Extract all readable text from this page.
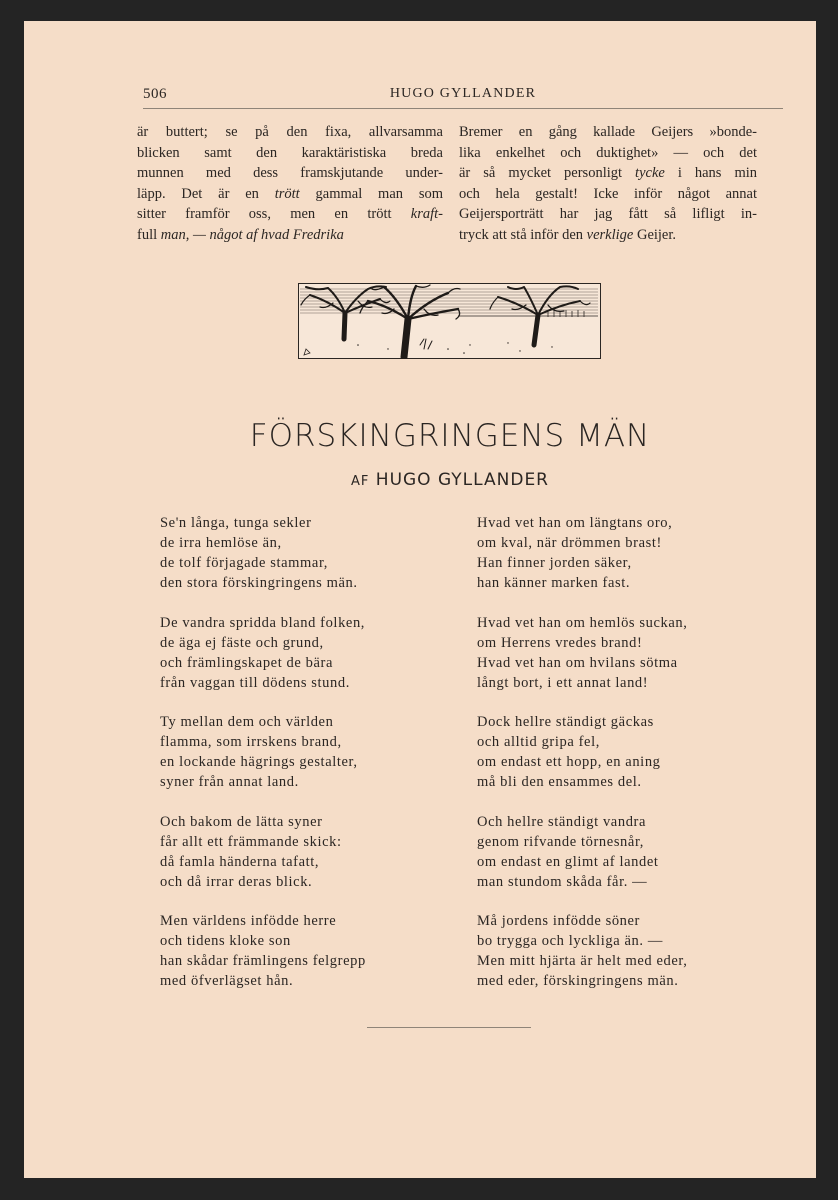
506	HUGO GYLLANDER
är buttert; se på den fixa, allvarsamma
blicken samt den karaktäristiska breda
munnen med dess framskjutande under-
läpp. Det är en trött gammal man som
sitter framför oss, men en trött kraft-
full man, — något af hvad Fredrika
Bremer en gång kallade Geijers »bonde-
lika enkelhet och duktighet» — och det
är så mycket personligt tycke i hans min
och hela gestalt! Icke inför något annat
Geijersporträtt har jag fått så lifligt in-
tryck att stå inför den verklige Geijer.
FÖRSKINGRINGENS MÄN
AF HUGO GYLLANDER
Se'n långa, tunga sekler
de irra hemlöse än,
de tolf förjagade stammar,
den stora förskingringens män.
De vandra spridda bland folken,
de äga ej fäste och grund,
och främlingskapet de bära
från vaggan till dödens stund.
Ty mellan dem och världen
flamma, som irrskens brand,
en lockande hägrings gestalter,
syner från annat land.
Och bakom de lätta syner
får allt ett främmande skick:
då famla händerna tafatt,
och då irrar deras blick.
Men världens infödde herre
och tidens kloke son
han skådar främlingens felgrepp
med öfverlägset hån.
Hvad vet han om längtans oro,
om kval, när drömmen brast!
Han finner jorden säker,
han känner marken fast.
Hvad vet han om hemlös suckan,
om Herrens vredes brand!
Hvad vet han om hvilans sötma
långt bort, i ett annat land!
Dock hellre ständigt gäckas
och alltid gripa fel,
om endast ett hopp, en aning
må bli den ensammes del.
Och hellre ständigt vandra
genom rifvande törnesnår,
om endast en glimt af landet
man stundom skåda får. —
Må jordens infödde söner
bo trygga och lyckliga än. —
Men mitt hjärta är helt med eder,
med eder, förskingringens män.
